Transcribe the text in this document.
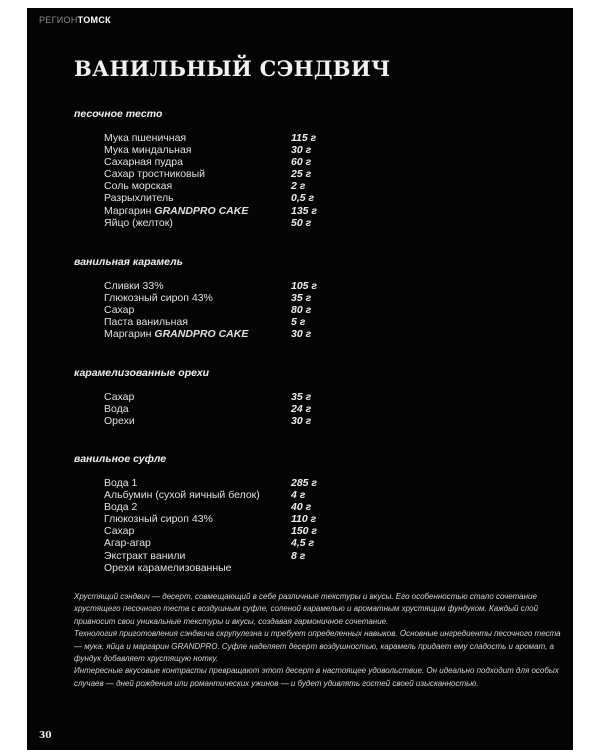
РЕГИОНТОМСК
ВАНИЛЬНЫЙ СЭНДВИЧ
песочное тесто
Мука пшеничная	115 г
Мука миндальная	30 г
Сахарная пудра	60 г
Сахар тростниковый	25 г
Соль морская	2 г
Разрыхлитель	0,5 г
Маргарин GRANDPRO CAKE	135 г
Яйцо (желток)	50 г
ванильная карамель
Сливки 33%	105 г
Глюкозный сироп 43%	35 г
Сахар	80 г
Паста ванильная	5 г
Маргарин GRANDPRO CAKE	30 г
карамелизованные орехи
Сахар	35 г
Вода	24 г
Орехи	30 г
ванильное суфле
Вода 1	285 г
Альбумин (сухой яичный белок)	4 г
Вода 2	40 г
Глюкозный сироп 43%	110 г
Сахар	150 г
Агар-агар	4,5 г
Экстракт ванили	8 г
Орехи карамелизованные

Хрустящий сэндвич — десерт, совмещающий в себе различные текстуры и вкусы. Его особенностью стало сочетание хрустящего песочного теста с воздушным суфле, соленой карамелью и ароматным хрустящим фундуком. Каждый слой привносит свои уникальные текстуры и вкусы, создавая гармоничное сочетание.

Технология приготовления сэндвича скрупулезна и требует определенных навыков. Основные ингредиенты песочного теста — мука, яйца и маргарин GRANDPRO. Суфле наделяет десерт воздушностью, карамель придает ему сладость и аромат, а фундук добавляет хрустящую нотку.

Интересные вкусовые контрасты превращают этот десерт в настоящее удовольствие. Он идеально подходит для особых случаев — дней рождения или романтических ужинов — и будет удивлять гостей своей изысканностью.

30
